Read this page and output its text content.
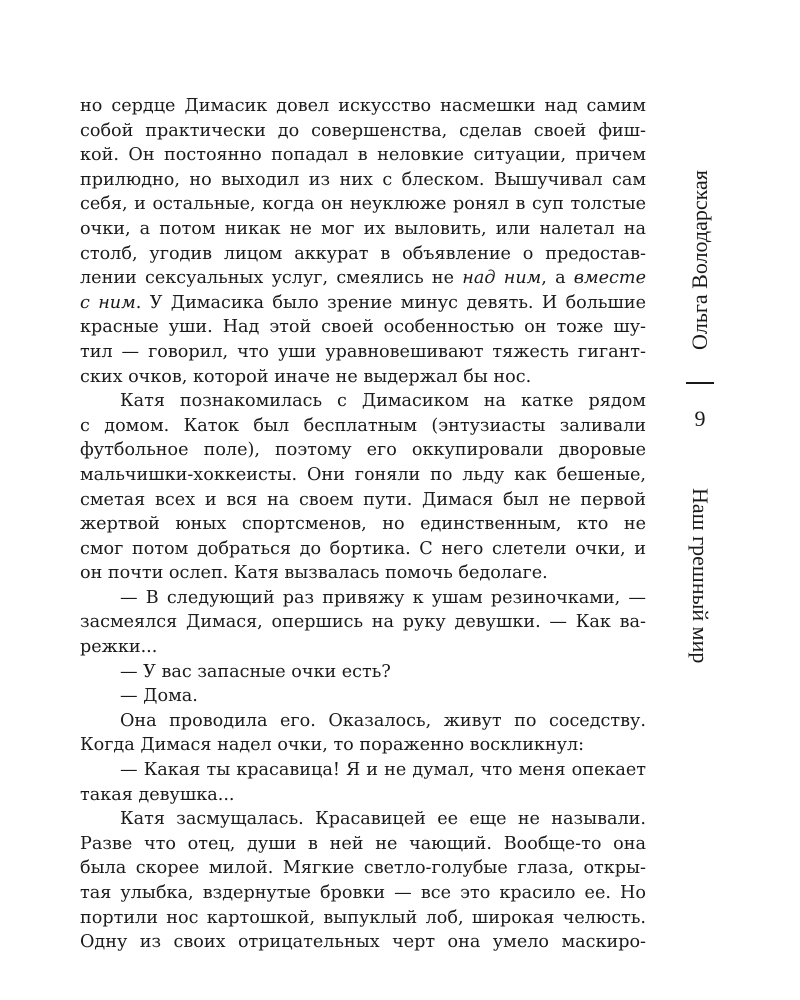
но сердце Димасик довел искусство насмешки над самим
собой практически до совершенства, сделав своей фиш-
кой. Он постоянно попадал в неловкие ситуации, причем
прилюдно, но выходил из них с блеском. Вышучивал сам
себя, и остальные, когда он неуклюже ронял в суп толстые
очки, а потом никак не мог их выловить, или налетал на
столб, угодив лицом аккурат в объявление о предостав-
лении сексуальных услуг, смеялись не над ним, а вместе
с ним. У Димасика было зрение минус девять. И большие
красные уши. Над этой своей особенностью он тоже шу-
тил — говорил, что уши уравновешивают тяжесть гигант-
ских очков, которой иначе не выдержал бы нос.
Катя познакомилась с Димасиком на катке рядом
с домом. Каток был бесплатным (энтузиасты заливали
футбольное поле), поэтому его оккупировали дворовые
мальчишки-хоккеисты. Они гоняли по льду как бешеные,
сметая всех и вся на своем пути. Димася был не первой
жертвой юных спортсменов, но единственным, кто не
смог потом добраться до бортика. С него слетели очки, и
он почти ослеп. Катя вызвалась помочь бедолаге.
— В следующий раз привяжу к ушам резиночками, —
засмеялся Димася, опершись на руку девушки. — Как ва-
режки...
— У вас запасные очки есть?
— Дома.
Она проводила его. Оказалось, живут по соседству.
Когда Димася надел очки, то пораженно воскликнул:
— Какая ты красавица! Я и не думал, что меня опекает
такая девушка...
Катя засмущалась. Красавицей ее еще не называли.
Разве что отец, души в ней не чающий. Вообще-то она
была скорее милой. Мягкие светло-голубые глаза, откры-
тая улыбка, вздернутые бровки — все это красило ее. Но
портили нос картошкой, выпуклый лоб, широкая челюсть.
Одну из своих отрицательных черт она умело маскиро-
Ольга Володарская
9
Наш грешный мир
